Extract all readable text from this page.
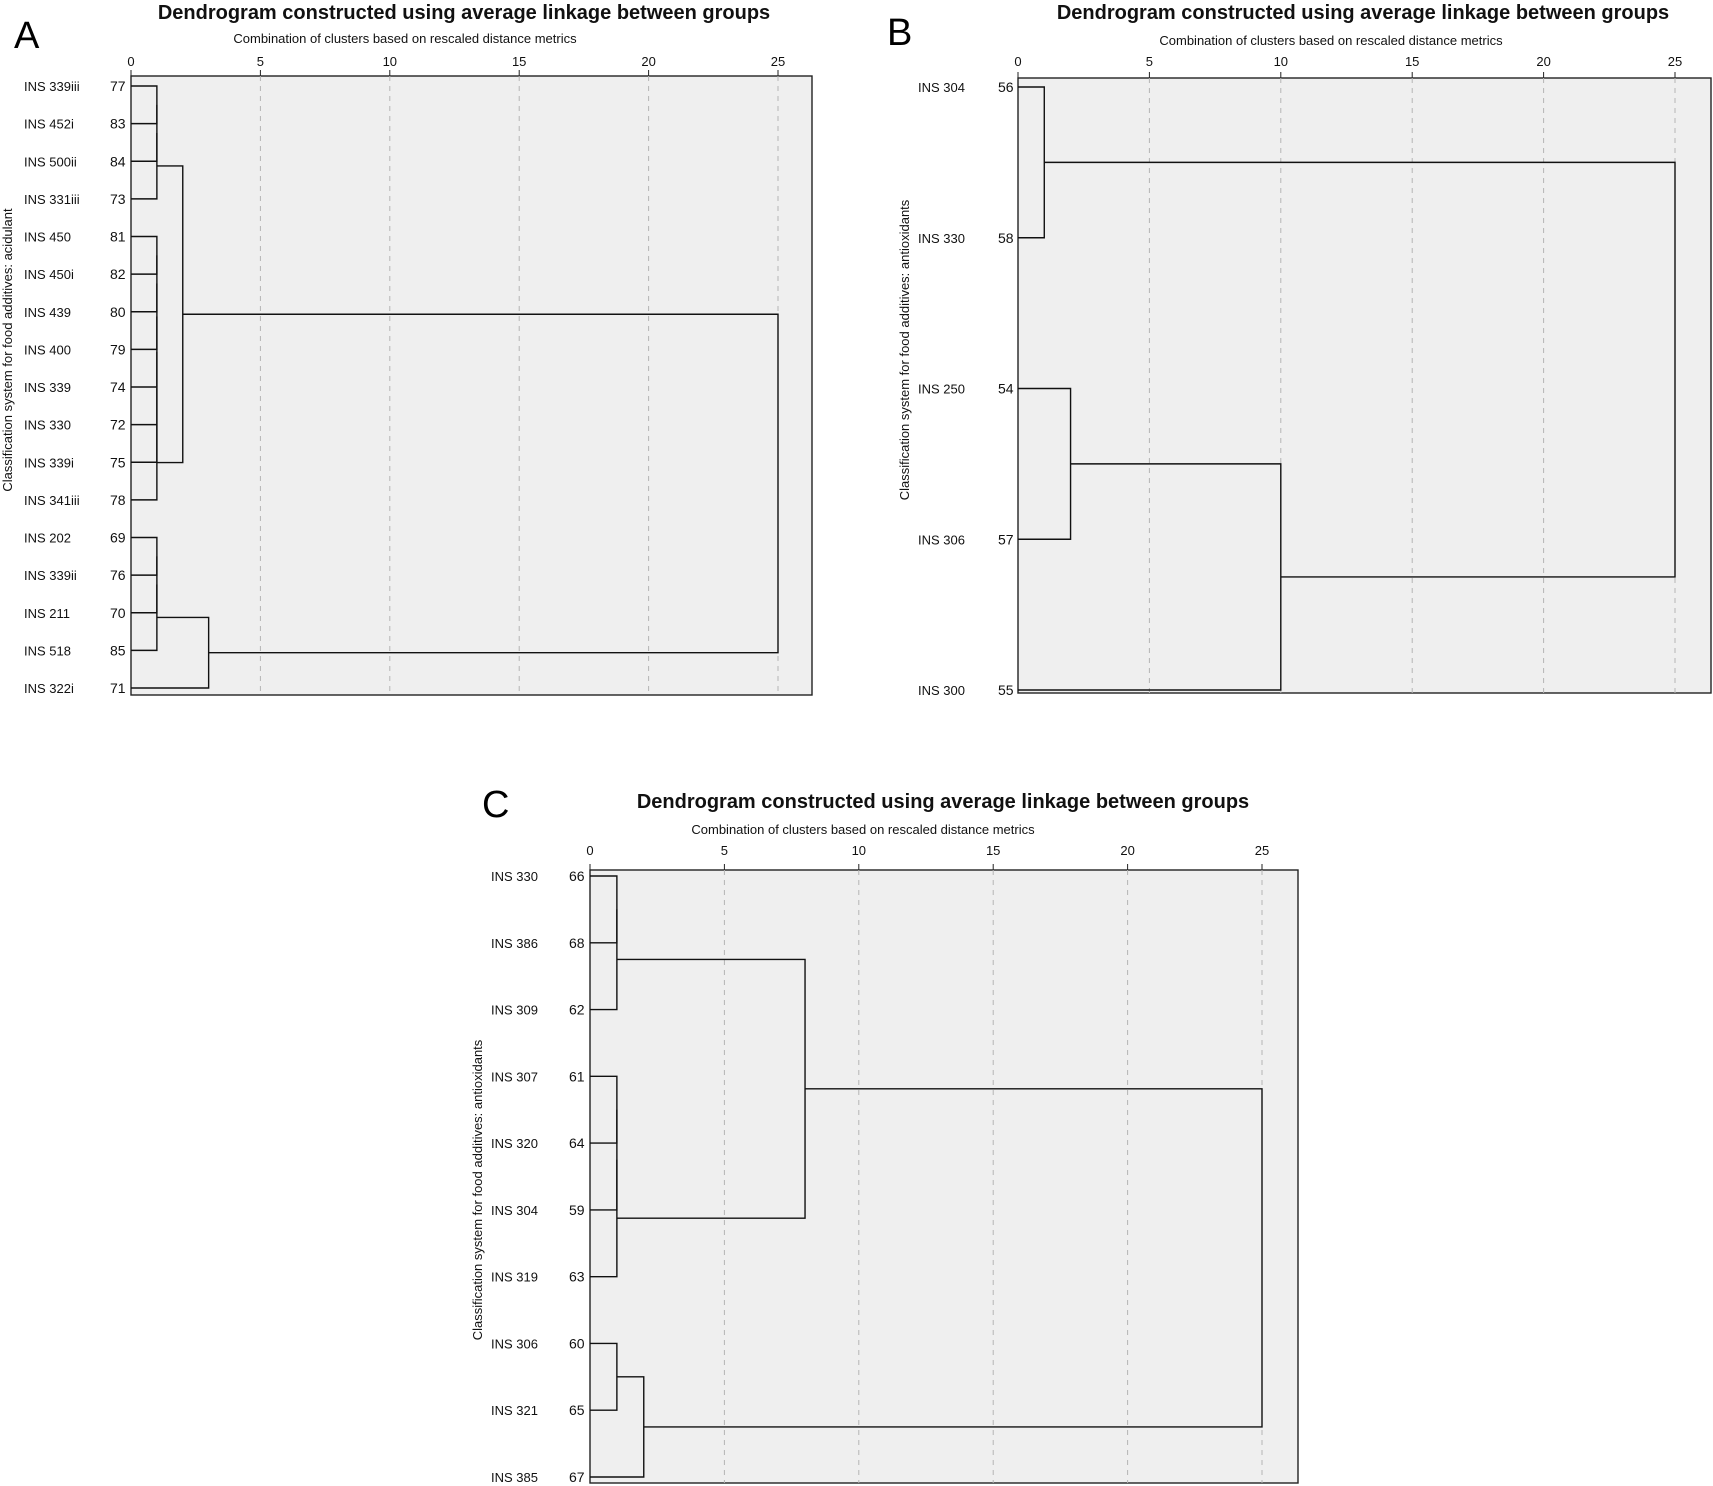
A
Dendrogram constructed using average linkage between groups
Combination of clusters based on rescaled distance metrics
Classification system for food additives: acidulant
0	5	10	15	20	25
INS 339iii 77
INS 452i	83
INS 500ii 84
INS 331iii 73
INS 450	81
INS 450i	82
INS 439	80
INS 400	79
INS 339	74
INS 330	72
INS 339i	75
INS 341iii 78
INS 202	69
INS 339ii 76
INS 211	70
INS 518	85
INS 322i	71
B	Dendrogram constructed using average linkage between groups
Combination of clusters based on rescaled distance metrics
Classification system for food additives: antioxidants
0	5	10	15	20	25
INS 304 56
INS 330 58
INS 250 54
INS 306 57
INS 300 55
C	Dendrogram constructed using average linkage between groups
Combination of clusters based on rescaled distance metrics
Classification system for food additives: antioxidants
0	5	10	15	20	25
INS 330 66
INS 386 68
INS 309 62
INS 307 61
INS 320 64
INS 304 59
INS 319 63
INS 306 60
INS 321 65
INS 385 67
